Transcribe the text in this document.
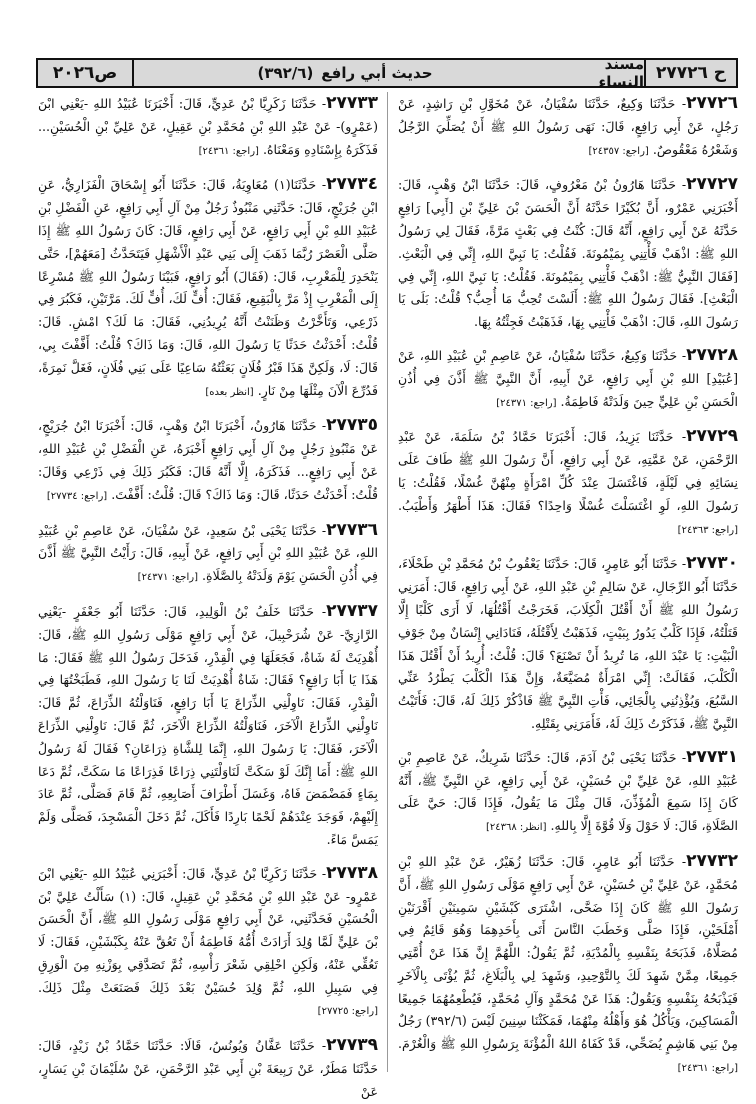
ح ٢٧٧٢٦
مسند النساء
حديث أبي رافع
(٣٩٢/٦)
ص٢٠٢٦

٢٧٧٢٦- حَدَّثَنَا وَكِيعٌ، حَدَّثَنَا سُفْيَانُ، عَنْ مُخَوَّلِ بْنِ رَاشِدٍ، عَنْ رَجُلٍ، عَنْ أَبِي رَافِعٍ، قَالَ: نَهَى رَسُولُ اللهِ ﷺ أَنْ يُصَلِّيَ الرَّجُلُ وَشَعْرُهُ مَعْقُوصٌ. [راجع: ٢٤٣٥٧]

٢٧٧٢٧- حَدَّثَنَا هَارُونُ بْنُ مَعْرُوفٍ، قَالَ: حَدَّثَنَا ابْنُ وَهْبٍ، قَالَ: أَخْبَرَنِي عَمْرٌو، أَنَّ بُكَيْرًا حَدَّثَهُ أَنَّ الْحَسَنَ بْنَ عَلِيِّ بْنِ [أَبِي] رَافِعٍ حَدَّثَهُ عَنْ أَبِي رَافِعٍ، أَنَّهُ قَالَ: كُنْتُ فِي بَعْثٍ مَرَّةً، فَقَالَ لِي رَسُولُ اللهِ ﷺ: اذْهَبْ فَأْتِنِي بِمَيْمُونَةَ. فَقُلْتُ: يَا نَبِيَّ اللهِ، إِنِّي فِي الْبَعْثِ. [فَقَالَ النَّبِيُّ ﷺ: اذْهَبْ فَأْتِنِي بِمَيْمُونَةَ. فَقُلْتُ: يَا نَبِيَّ اللهِ، إِنِّي فِي الْبَعْثِ]. فَقَالَ رَسُولُ اللهِ ﷺ: أَلَسْتَ تُحِبُّ مَا أُحِبُّ؟ قُلْتُ: بَلَى يَا رَسُولَ اللهِ، قَالَ: اذْهَبْ فَأْتِنِي بِهَا، فَذَهَبْتُ فَجِئْتُهُ بِهَا.

٢٧٧٢٨- حَدَّثَنَا وَكِيعٌ، حَدَّثَنَا سُفْيَانُ، عَنْ عَاصِمِ بْنِ عُبَيْدِ اللهِ، عَنْ [عُبَيْدِ] اللهِ بْنِ أَبِي رَافِعٍ، عَنْ أَبِيهِ، أَنَّ النَّبِيَّ ﷺ أَذَّنَ فِي أُذُنِ الْحَسَنِ بْنِ عَلِيٍّ حِينَ وَلَدَتْهُ فَاطِمَةُ. [راجع: ٢٤٣٧١]

٢٧٧٢٩- حَدَّثَنَا يَزِيدُ، قَالَ: أَخْبَرَنَا حَمَّادُ بْنُ سَلَمَةَ، عَنْ عَبْدِ الرَّحْمَنِ، عَنْ عَمَّتِهِ، عَنْ أَبِي رَافِعٍ، أَنَّ رَسُولَ اللهِ ﷺ طَافَ عَلَى نِسَائِهِ فِي لَيْلَةٍ، فَاغْتَسَلَ عِنْدَ كُلِّ امْرَأَةٍ مِنْهُنَّ غُسْلًا، فَقُلْتُ: يَا رَسُولَ اللهِ، لَوِ اغْتَسَلْتَ غُسْلًا وَاحِدًا؟ فَقَالَ: هَذَا أَطْهَرُ وَأَطْيَبُ. [راجع: ٢٤٣٦٣]

٢٧٧٣٠- حَدَّثَنَا أَبُو عَامِرٍ، قَالَ: حَدَّثَنَا يَعْقُوبُ بْنُ مُحَمَّدِ بْنِ طَحْلَاءَ، حَدَّثَنَا أَبُو الرِّجَالِ، عَنْ سَالِمِ بْنِ عَبْدِ اللهِ، عَنْ أَبِي رَافِعٍ، قَالَ: أَمَرَنِي رَسُولُ اللهِ ﷺ أَنْ أَقْتُلَ الْكِلَابَ، فَخَرَجْتُ أَقْتُلُهَا، لَا أَرَى كَلْبًا إِلَّا قَتَلْتُهُ، فَإِذَا كَلْبٌ يَدُورُ بِبَيْتٍ، فَذَهَبْتُ لِأَقْتُلَهُ، فَنَادَانِي إِنْسَانٌ مِنْ جَوْفِ الْبَيْتِ: يَا عَبْدَ اللهِ، مَا تُرِيدُ أَنْ تَصْنَعَ؟ قَالَ: قُلْتُ: أُرِيدُ أَنْ أَقْتُلَ هَذَا الْكَلْبَ، فَقَالَتْ: إِنِّي امْرَأَةٌ مُضَيَّعَةٌ، وَإِنَّ هَذَا الْكَلْبَ يَطْرُدُ عَنِّي السَّبُعَ، وَيُؤْذِنُنِي بِالْجَائِي، فَأْتِ النَّبِيَّ ﷺ فَاذْكُرْ ذَلِكَ لَهُ، قَالَ: فَأَتَيْتُ النَّبِيَّ ﷺ، فَذَكَرْتُ ذَلِكَ لَهُ، فَأَمَرَنِي بِقَتْلِهِ.

٢٧٧٣١- حَدَّثَنَا يَحْيَى بْنُ آدَمَ، قَالَ: حَدَّثَنَا شَرِيكٌ، عَنْ عَاصِمِ بْنِ عُبَيْدِ اللهِ، عَنْ عَلِيِّ بْنِ حُسَيْنٍ، عَنْ أَبِي رَافِعٍ، عَنِ النَّبِيِّ ﷺ، أَنَّهُ كَانَ إِذَا سَمِعَ الْمُؤَذِّنَ، قَالَ مِثْلَ مَا يَقُولُ، فَإِذَا قَالَ: حَيَّ عَلَى الصَّلَاةِ، قَالَ: لَا حَوْلَ وَلَا قُوَّةَ إِلَّا بِاللهِ. [انظر: ٢٤٣٦٨]

٢٧٧٣٢- حَدَّثَنَا أَبُو عَامِرٍ، قَالَ: حَدَّثَنَا زُهَيْرٌ، عَنْ عَبْدِ اللهِ بْنِ مُحَمَّدٍ، عَنْ عَلِيِّ بْنِ حُسَيْنٍ، عَنْ أَبِي رَافِعٍ مَوْلَى رَسُولِ اللهِ ﷺ، أَنَّ رَسُولَ اللهِ ﷺ كَانَ إِذَا ضَحَّى، اشْتَرَى كَبْشَيْنِ سَمِينَيْنِ أَقْرَنَيْنِ أَمْلَحَيْنِ، فَإِذَا صَلَّى وَخَطَبَ النَّاسَ أَتَى بِأَحَدِهِمَا وَهُوَ قَائِمٌ فِي مُصَلَّاهُ، فَذَبَحَهُ بِنَفْسِهِ بِالْمُدْيَةِ، ثُمَّ يَقُولُ: اللَّهُمَّ إِنَّ هَذَا عَنْ أُمَّتِي جَمِيعًا، مِمَّنْ شَهِدَ لَكَ بِالتَّوْحِيدِ، وَشَهِدَ لِي بِالْبَلَاغِ، ثُمَّ يُؤْتَى بِالْآخَرِ فَيَذْبَحُهُ بِنَفْسِهِ وَيَقُولُ: هَذَا عَنْ مُحَمَّدٍ وَآلِ مُحَمَّدٍ، فَيُطْعِمُهُمَا جَمِيعًا الْمَسَاكِينَ، وَيَأْكُلُ هُوَ وَأَهْلُهُ مِنْهُمَا، فَمَكَثْنَا سِنِينَ لَيْسَ (٣٩٢/٦) رَجُلٌ مِنْ بَنِي هَاشِمٍ يُضَحِّي، قَدْ كَفَاهُ اللهُ الْمُؤْنَةَ بِرَسُولِ اللهِ ﷺ وَالْغُرْمَ. [راجع: ٢٤٣٦١]

٢٧٧٣٣- حَدَّثَنَا زَكَرِيَّا بْنُ عَدِيٍّ، قَالَ: أَخْبَرَنَا عُبَيْدُ اللهِ -يَعْنِي ابْنَ (عَمْرٍو)- عَنْ عَبْدِ اللهِ بْنِ مُحَمَّدِ بْنِ عَقِيلٍ، عَنْ عَلِيِّ بْنِ الْحُسَيْنِ... فَذَكَرَهُ بِإِسْنَادِهِ وَمَعْنَاهُ. [راجع: ٢٤٣٦١]

٢٧٧٣٤- حَدَّثَنَا(١) مُعَاوِيَةُ، قَالَ: حَدَّثَنَا أَبُو إِسْحَاقَ الْفَزَارِيُّ، عَنِ ابْنِ جُرَيْجٍ، قَالَ: حَدَّثَنِي مَنْبُوذٌ رَجُلٌ مِنْ آلِ أَبِي رَافِعٍ، عَنِ الْفَضْلِ بْنِ عُبَيْدِ اللهِ بْنِ أَبِي رَافِعٍ، عَنْ أَبِي رَافِعٍ، قَالَ: كَانَ رَسُولُ اللهِ ﷺ إِذَا صَلَّى الْعَصْرَ رُبَّمَا ذَهَبَ إِلَى بَنِي عَبْدِ الْأَشْهَلِ فَيَتَحَدَّثُ [مَعَهُمْ]، حَتَّى يَنْحَدِرَ لِلْمَغْرِبِ، قَالَ: (فَقَالَ) أَبُو رَافِعٍ، فَبَيْنَا رَسُولُ اللهِ ﷺ مُسْرِعًا إِلَى الْمَغْرِبِ إِذْ مَرَّ بِالْبَقِيعِ، فَقَالَ: أُفٍّ لَكَ، أُفٍّ لَكَ. مَرَّتَيْنِ، فَكَبُرَ فِي ذَرْعِي، وَتَأَخَّرْتُ وَظَنَنْتُ أَنَّهُ يُرِيدُنِي، فَقَالَ: مَا لَكَ؟ امْشِ. قَالَ: قُلْتُ: أَحْدَثْتُ حَدَثًا يَا رَسُولَ اللهِ، قَالَ: وَمَا ذَاكَ؟ قُلْتُ: أَفَّفْتَ بِي، قَالَ: لَا، وَلَكِنَّ هَذَا قَبْرُ فُلَانٍ بَعَثْتُهُ سَاعِيًا عَلَى بَنِي فُلَانٍ، فَغَلَّ نَمِرَةً، فَدُرِّعَ الْآنَ مِثْلَهَا مِنْ نَارٍ. [انظر بعده]

٢٧٧٣٥- حَدَّثَنَا هَارُونُ، أَخْبَرَنَا ابْنُ وَهْبٍ، قَالَ: أَخْبَرَنَا ابْنُ جُرَيْجٍ، عَنْ مَنْبُوذٍ رَجُلٍ مِنْ آلِ أَبِي رَافِعٍ أَخْبَرَهُ، عَنِ الْفَضْلِ بْنِ عُبَيْدِ اللهِ، عَنْ أَبِي رَافِعٍ... فَذَكَرَهُ، إِلَّا أَنَّهُ قَالَ: فَكَبُرَ ذَلِكَ فِي ذَرْعِي وَقَالَ: قُلْتُ: أَحْدَثْتُ حَدَثًا، قَالَ: وَمَا ذَاكَ؟ قَالَ: قُلْتُ: أَفَّفْتَ. [راجع: ٢٧٧٣٤]

٢٧٧٣٦- حَدَّثَنَا يَحْيَى بْنُ سَعِيدٍ، عَنْ سُفْيَانَ، عَنْ عَاصِمِ بْنِ عُبَيْدِ اللهِ، عَنْ عُبَيْدِ اللهِ بْنِ أَبِي رَافِعٍ، عَنْ أَبِيهِ، قَالَ: رَأَيْتُ النَّبِيَّ ﷺ أَذَّنَ فِي أُذُنِ الْحَسَنِ يَوْمَ وَلَدَتْهُ بِالصَّلَاةِ. [راجع: ٢٤٣٧١]

٢٧٧٣٧- حَدَّثَنَا خَلَفُ بْنُ الْوَلِيدِ، قَالَ: حَدَّثَنَا أَبُو جَعْفَرٍ -يَعْنِي الرَّازِيَّ- عَنْ شُرَحْبِيلَ، عَنْ أَبِي رَافِعٍ مَوْلَى رَسُولِ اللهِ ﷺ، قَالَ: أُهْدِيَتْ لَهُ شَاةٌ، فَجَعَلَهَا فِي الْقِدْرِ، فَدَخَلَ رَسُولُ اللهِ ﷺ فَقَالَ: مَا هَذَا يَا أَبَا رَافِعٍ؟ فَقَالَ: شَاةٌ أُهْدِيَتْ لَنَا يَا رَسُولَ اللهِ، فَطَبَخْتُهَا فِي الْقِدْرِ، فَقَالَ: نَاوِلْنِي الذِّرَاعَ يَا أَبَا رَافِعٍ، فَنَاوَلْتُهُ الذِّرَاعَ، ثُمَّ قَالَ: نَاوِلْنِي الذِّرَاعَ الْآخَرَ، فَنَاوَلْتُهُ الذِّرَاعَ الْآخَرَ، ثُمَّ قَالَ: نَاوِلْنِي الذِّرَاعَ الْآخَرَ، فَقَالَ: يَا رَسُولَ اللهِ، إِنَّمَا لِلشَّاةِ ذِرَاعَانِ؟ فَقَالَ لَهُ رَسُولُ اللهِ ﷺ: أَمَا إِنَّكَ لَوْ سَكَتَّ لَنَاوَلْتَنِي ذِرَاعًا فَذِرَاعًا مَا سَكَتَّ، ثُمَّ دَعَا بِمَاءٍ فَمَضْمَضَ فَاهُ، وَغَسَلَ أَطْرَافَ أَصَابِعِهِ، ثُمَّ قَامَ فَصَلَّى، ثُمَّ عَادَ إِلَيْهِمْ، فَوَجَدَ عِنْدَهُمْ لَحْمًا بَارِدًا فَأَكَلَ، ثُمَّ دَخَلَ الْمَسْجِدَ، فَصَلَّى وَلَمْ يَمَسَّ مَاءً.

٢٧٧٣٨- حَدَّثَنَا زَكَرِيَّا بْنُ عَدِيٍّ، قَالَ: أَخْبَرَنِي عُبَيْدُ اللهِ -يَعْنِي ابْنَ عَمْرٍو- عَنْ عَبْدِ اللهِ بْنِ مُحَمَّدِ بْنِ عَقِيلٍ، قَالَ: (١) سَأَلْتُ عَلِيَّ بْنَ الْحُسَيْنِ فَحَدَّثَنِي، عَنْ أَبِي رَافِعٍ مَوْلَى رَسُولِ اللهِ ﷺ، أَنَّ الْحَسَنَ بْنَ عَلِيٍّ لَمَّا وُلِدَ أَرَادَتْ أُمُّهُ فَاطِمَةُ أَنْ تَعُقَّ عَنْهُ بِكَبْشَيْنِ، فَقَالَ: لَا تَعُقِّي عَنْهُ، وَلَكِنِ احْلِقِي شَعْرَ رَأْسِهِ، ثُمَّ تَصَدَّقِي بِوَزْنِهِ مِنَ الْوَرِقِ فِي سَبِيلِ اللهِ، ثُمَّ وُلِدَ حُسَيْنٌ بَعْدَ ذَلِكَ فَصَنَعَتْ مِثْلَ ذَلِكَ. [راجع: ٢٧٧٢٥]

٢٧٧٣٩- حَدَّثَنَا عَفَّانُ وَيُونُسُ، قَالَا: حَدَّثَنَا حَمَّادُ بْنُ زَيْدٍ، قَالَ: حَدَّثَنَا مَطَرٌ، عَنْ رَبِيعَةَ بْنِ أَبِي عَبْدِ الرَّحْمَنِ، عَنْ سُلَيْمَانَ بْنِ يَسَارٍ، عَنْ
